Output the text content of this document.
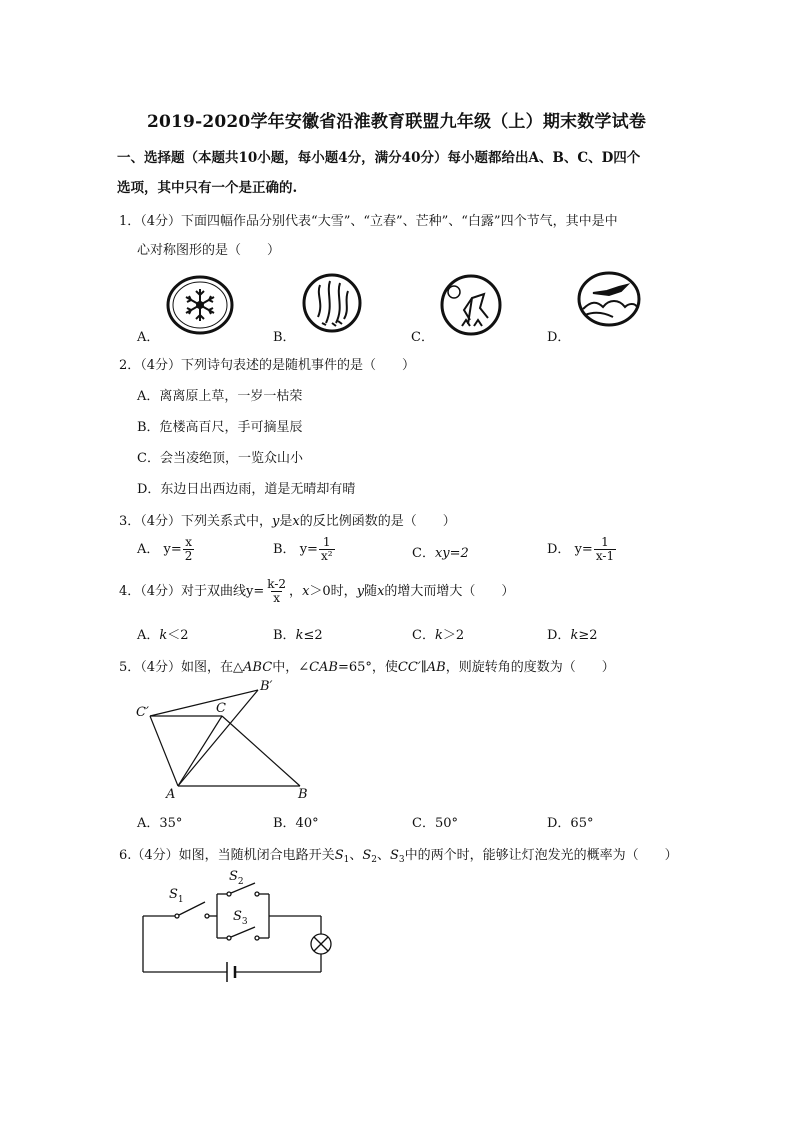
2019-2020学年安徽省沿淮教育联盟九年级（上）期末数学试卷
一、选择题（本题共10小题，每小题4分，满分40分）每小题都给出A、B、C、D四个
选项，其中只有一个是正确的.
1．（4分）下面四幅作品分别代表“大雪”、“立春”、芒种”、“白露”四个节气，其中是中
心对称图形的是（　　）
A．	B．	C．	D．
2．（4分）下列诗句表述的是随机事件的是（　　）
A．离离原上草，一岁一枯荣
B．危楼高百尺，手可摘星辰
C．会当凌绝顶，一览众山小
D．东边日出西边雨，道是无晴却有晴
3．（4分）下列关系式中，y是x的反比例函数的是（　　）
A． $y= \frac{x}{2}$	B． $y= \frac{1}{\text{x²}}$	C．xy=2	D． $y= \frac{1}{x-1}$
4．（4分）对于双曲线$y= \frac{k-2}{x}$ ，x＞0时，y随x的增大而增大（　　）
A．k＜2	B．k≤2	C．k＞2	D．k≥2
5．（4分）如图，在△ABC中，∠CAB=65°，使CC′∥AB，则旋转角的度数为（　　）
C′	C
B′
A	B
A．35°	B．40°	C．50°	D．65°
6.（4分）如图，当随机闭合电路开关$S_1$、$S_2$、$S_3$中的两个时，能够让灯泡发光的概率为（　　）
$S_1$
$S_2$
$S_3$
